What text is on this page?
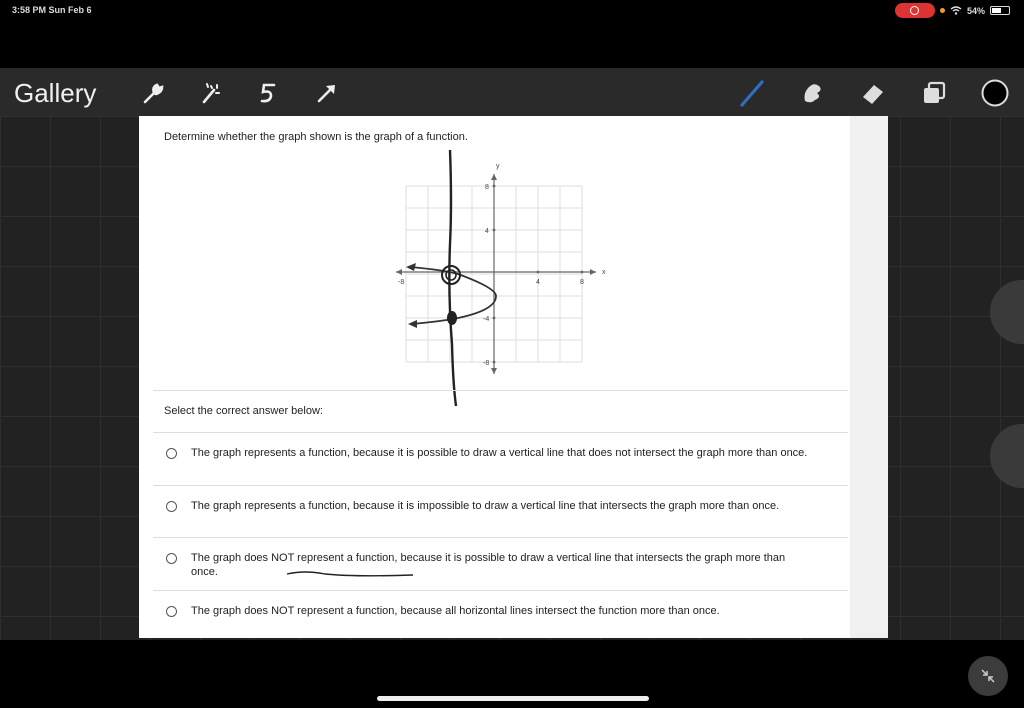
3:58 PM Sun Feb 6	54%
Gallery
Determine whether the graph shown is the graph of a function.
x
y
-8	4	8
8
4
-4
-8
Select the correct answer below:
The graph represents a function, because it is possible to draw a vertical line that does not intersect the graph more than once.
The graph represents a function, because it is impossible to draw a vertical line that intersects the graph more than once.
The graph does NOT represent a function, because it is possible to draw a vertical line that intersects the graph more than once.
The graph does NOT represent a function, because all horizontal lines intersect the function more than once.
